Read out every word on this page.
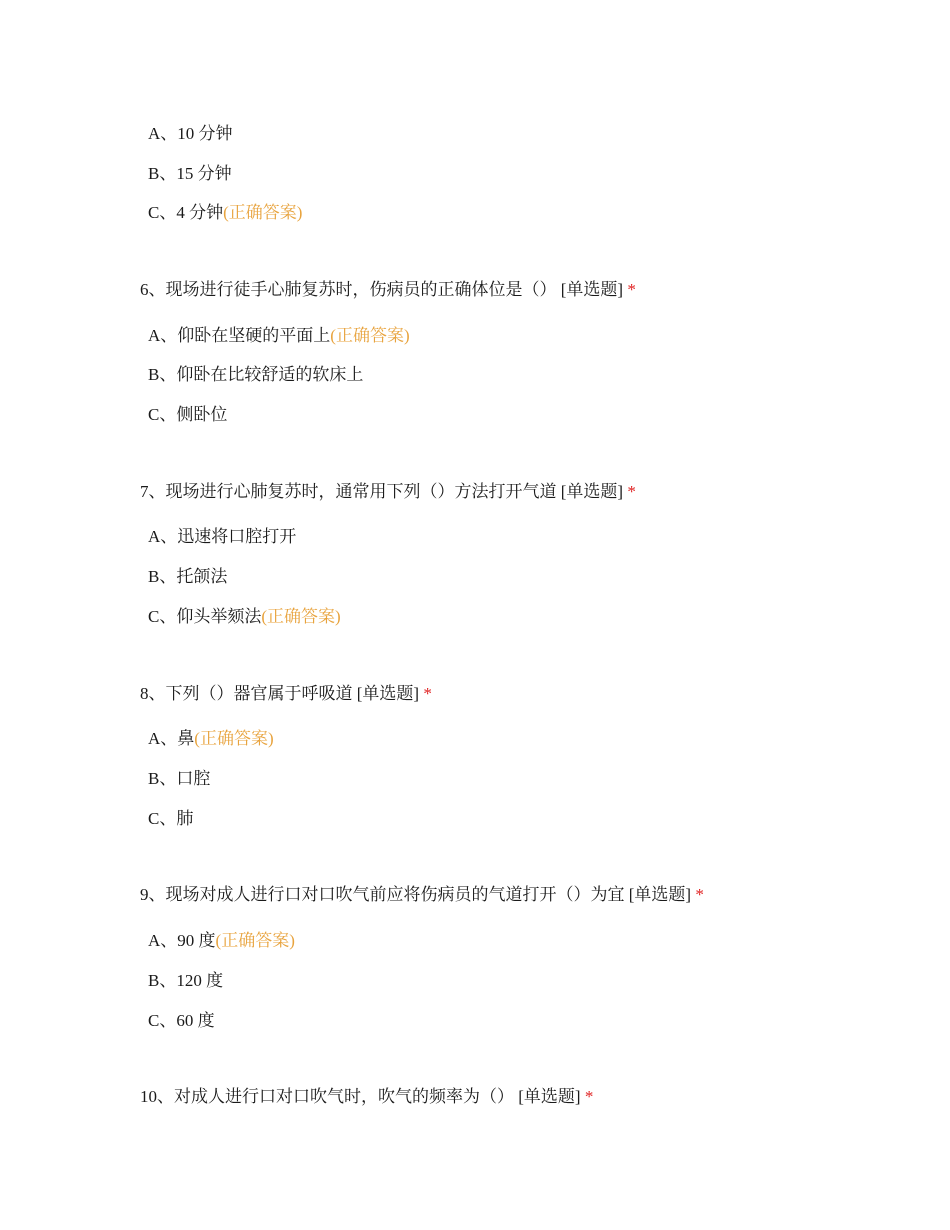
A、10 分钟
B、15 分钟
C、4 分钟(正确答案)
6、现场进行徒手心肺复苏时，伤病员的正确体位是（） [单选题] *
A、仰卧在坚硬的平面上(正确答案)
B、仰卧在比较舒适的软床上
C、侧卧位
7、现场进行心肺复苏时，通常用下列（）方法打开气道 [单选题] *
A、迅速将口腔打开
B、托颌法
C、仰头举颏法(正确答案)
8、下列（）器官属于呼吸道 [单选题] *
A、鼻(正确答案)
B、口腔
C、肺
9、现场对成人进行口对口吹气前应将伤病员的气道打开（）为宜 [单选题] *
A、90 度(正确答案)
B、120 度
C、60 度
10、对成人进行口对口吹气时，吹气的频率为（） [单选题] *
